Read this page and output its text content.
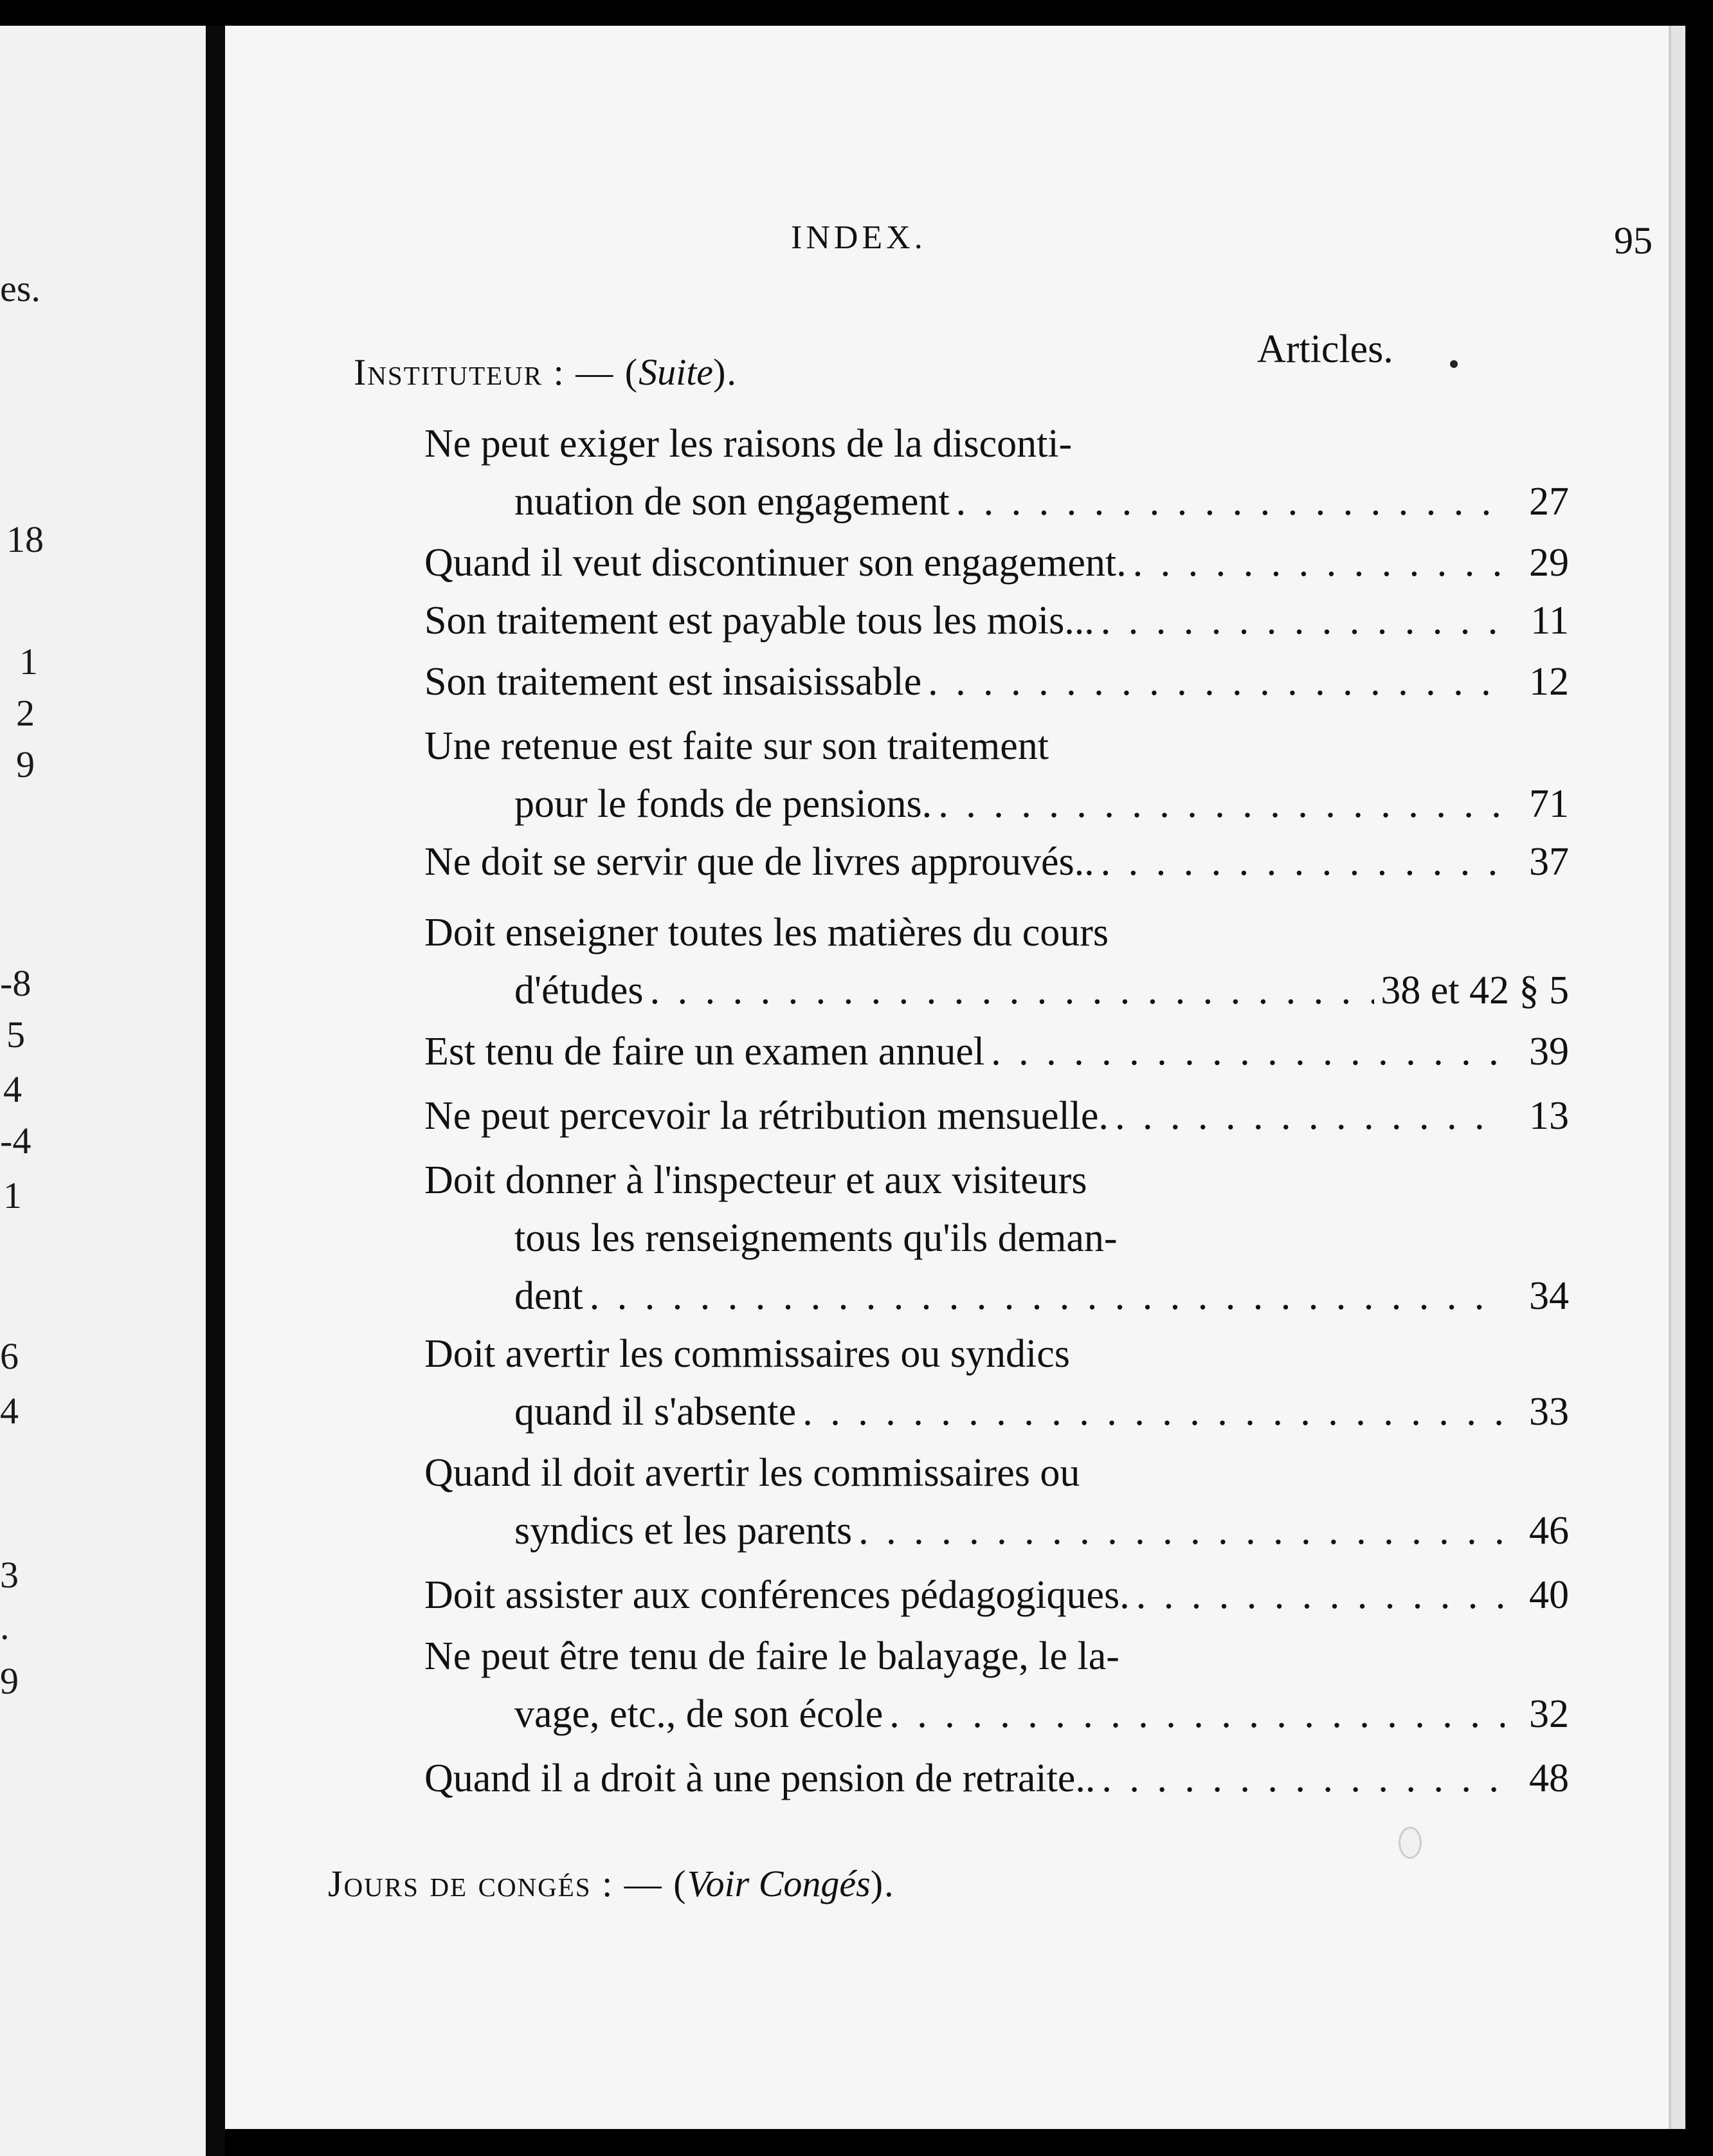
es.
18
1
2
9
-8
5
4
-4
1
6
4
3
.
9
INDEX.	95
Articles.
Instituteur : — (Suite).
Ne peut exiger les raisons de la disconti-
nuation de son engagement . . .	27
Quand il veut discontinuer son engagement. . . .	29
Son traitement est payable tous les mois... . . .	11
Son traitement est insaisissable . . .	12
Une retenue est faite sur son traitement
pour le fonds de pensions. . . .	71
Ne doit se servir que de livres approuvés.. . . .	37
Doit enseigner toutes les matières du cours
d'études . . .	38 et 42 § 5
Est tenu de faire un examen annuel . . .	39
Ne peut percevoir la rétribution mensuelle. . . .	13
Doit donner à l'inspecteur et aux visiteurs
tous les renseignements qu'ils deman-
dent . . .	34
Doit avertir les commissaires ou syndics
quand il s'absente . . .	33
Quand il doit avertir les commissaires ou
syndics et les parents . . .	46
Doit assister aux conférences pédagogiques. . . .	40
Ne peut être tenu de faire le balayage, le la-
vage, etc., de son école . . .	32
Quand il a droit à une pension de retraite.. . . .	48
Jours de congés : — (Voir Congés).
